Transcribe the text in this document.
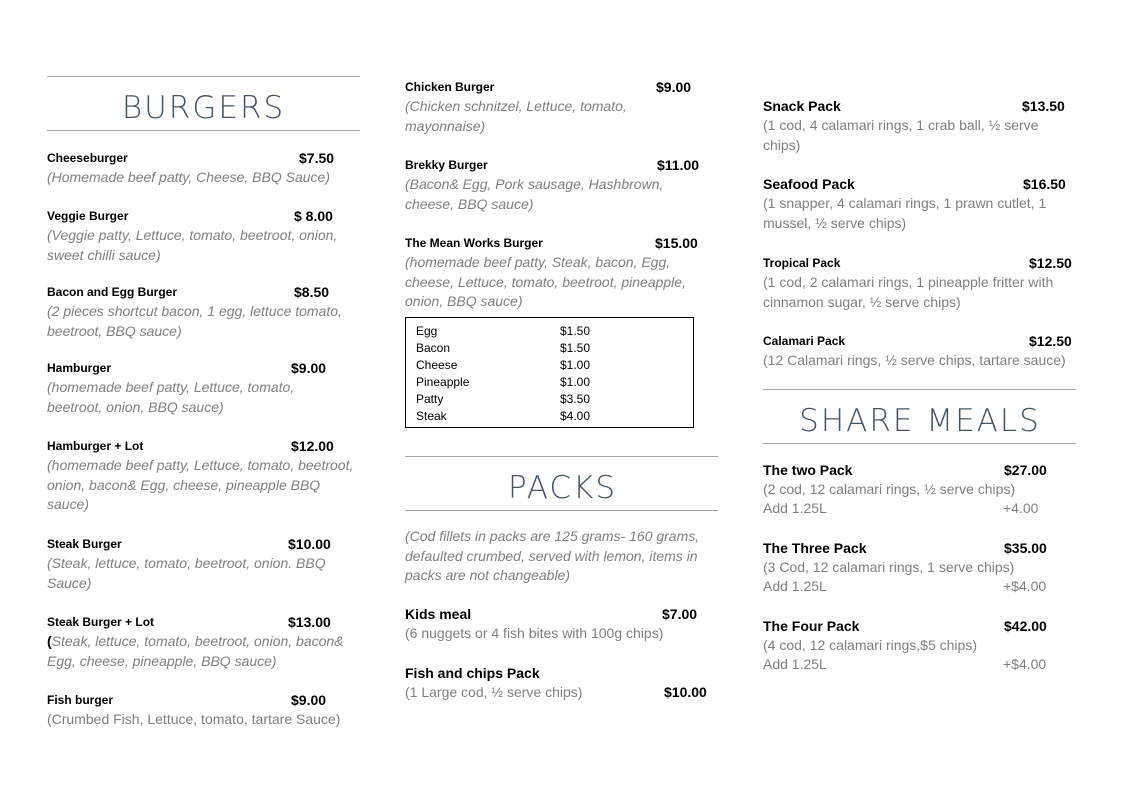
BURGERS
Cheeseburger	$7.50
(Homemade beef patty, Cheese, BBQ Sauce)
Veggie Burger	$ 8.00
(Veggie patty, Lettuce, tomato, beetroot, onion, sweet chilli sauce)
Bacon and Egg Burger	$8.50
(2 pieces shortcut bacon, 1 egg, lettuce tomato, beetroot, BBQ sauce)
Hamburger	$9.00
(homemade beef patty, Lettuce, tomato, beetroot, onion, BBQ sauce)
Hamburger + Lot	$12.00
(homemade beef patty, Lettuce, tomato, beetroot, onion, bacon& Egg, cheese, pineapple BBQ sauce)
Steak Burger	$10.00
(Steak, lettuce, tomato, beetroot, onion. BBQ Sauce)
Steak Burger + Lot	$13.00
(Steak, lettuce, tomato, beetroot, onion, bacon& Egg, cheese, pineapple, BBQ sauce)
Fish burger	$9.00
(Crumbed Fish, Lettuce, tomato, tartare Sauce)
Chicken Burger	$9.00
(Chicken schnitzel, Lettuce, tomato, mayonnaise)
Brekky Burger	$11.00
(Bacon& Egg, Pork sausage, Hashbrown, cheese, BBQ sauce)
The Mean Works Burger	$15.00
(homemade beef patty, Steak, bacon, Egg, cheese, Lettuce, tomato, beetroot, pineapple, onion, BBQ sauce)
Egg	$1.50
Bacon	$1.50
Cheese	$1.00
Pineapple	$1.00
Patty	$3.50
Steak	$4.00
PACKS
(Cod fillets in packs are 125 grams- 160 grams, defaulted crumbed, served with lemon, items in packs are not changeable)
Kids meal	$7.00
(6 nuggets or 4 fish bites with 100g chips)
Fish and chips Pack
(1 Large cod, ½ serve chips)	$10.00
Snack Pack	$13.50
(1 cod, 4 calamari rings, 1 crab ball, ½ serve chips)
Seafood Pack	$16.50
(1 snapper, 4 calamari rings, 1 prawn cutlet, 1 mussel, ½ serve chips)
Tropical Pack	$12.50
(1 cod, 2 calamari rings, 1 pineapple fritter with cinnamon sugar, ½ serve chips)
Calamari Pack	$12.50
(12 Calamari rings, ½ serve chips, tartare sauce)
SHARE MEALS
The two Pack	$27.00
(2 cod, 12 calamari rings, ½ serve chips)
Add 1.25L	+4.00
The Three Pack	$35.00
(3 Cod, 12 calamari rings, 1 serve chips)
Add 1.25L	+$4.00
The Four Pack	$42.00
(4 cod, 12 calamari rings,$5 chips)
Add 1.25L	+$4.00
